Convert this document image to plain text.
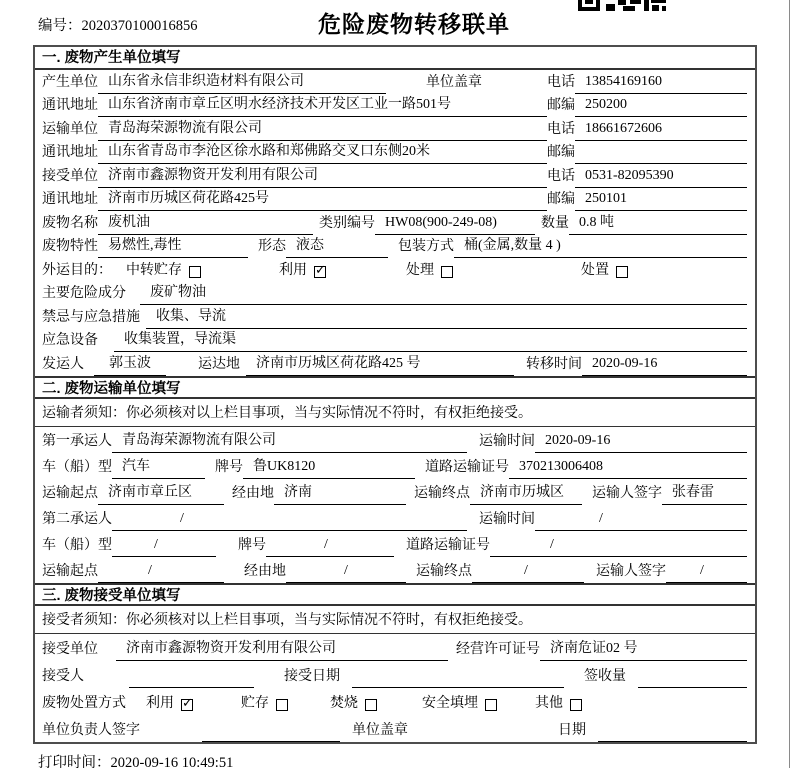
编号：2020370100016856	危险废物转移联单
一. 废物产生单位填写
产生单位 山东省永信非织造材料有限公司	单位盖章	电话 13854169160
通讯地址 山东省济南市章丘区明水经济技术开发区工业一路501号	邮编 250200
运输单位 青岛海荣源物流有限公司	电话 18661672606
通讯地址 山东省青岛市李沧区徐水路和郑佛路交叉口东侧20米	邮编
接受单位 济南市鑫源物资开发利用有限公司	电话 0531-82095390
通讯地址 济南市历城区荷花路425号	邮编 250101
废物名称 废机油	类别编号 HW08(900-249-08)	数量 0.8 吨
废物特性 易燃性,毒性	形态 液态	包装方式 桶(金属,数量 4 )
外运目的： 中转贮存	利用 ✓	处理	处置
主要危险成分	废矿物油
禁忌与应急措施	收集、导流
应急设备	收集装置，导流渠
发运人	郭玉波	运达地	济南市历城区荷花路425 号	转移时间 2020-09-16
二. 废物运输单位填写
运输者须知：你必须核对以上栏目事项，当与实际情况不符时，有权拒绝接受。
第一承运人 青岛海荣源物流有限公司	运输时间 2020-09-16
车（船）型 汽车	牌号 鲁UK8120	道路运输证号 370213006408
运输起点 济南市章丘区	经由地 济南	运输终点 济南市历城区	运输人签字 张春雷
第二承运人	/	运输时间	/
车（船）型	/	牌号	/	道路运输证号	/
运输起点	/	经由地	/	运输终点	/	运输人签字	/
三. 废物接受单位填写
接受者须知：你必须核对以上栏目事项，当与实际情况不符时，有权拒绝接受。
接受单位	济南市鑫源物资开发利用有限公司	经营许可证号 济南危证02 号
接受人	接受日期	签收量
废物处置方式 利用 ✓	贮存	焚烧	安全填埋	其他
单位负责人签字	单位盖章	日期
打印时间：2020-09-16 10:49:51
